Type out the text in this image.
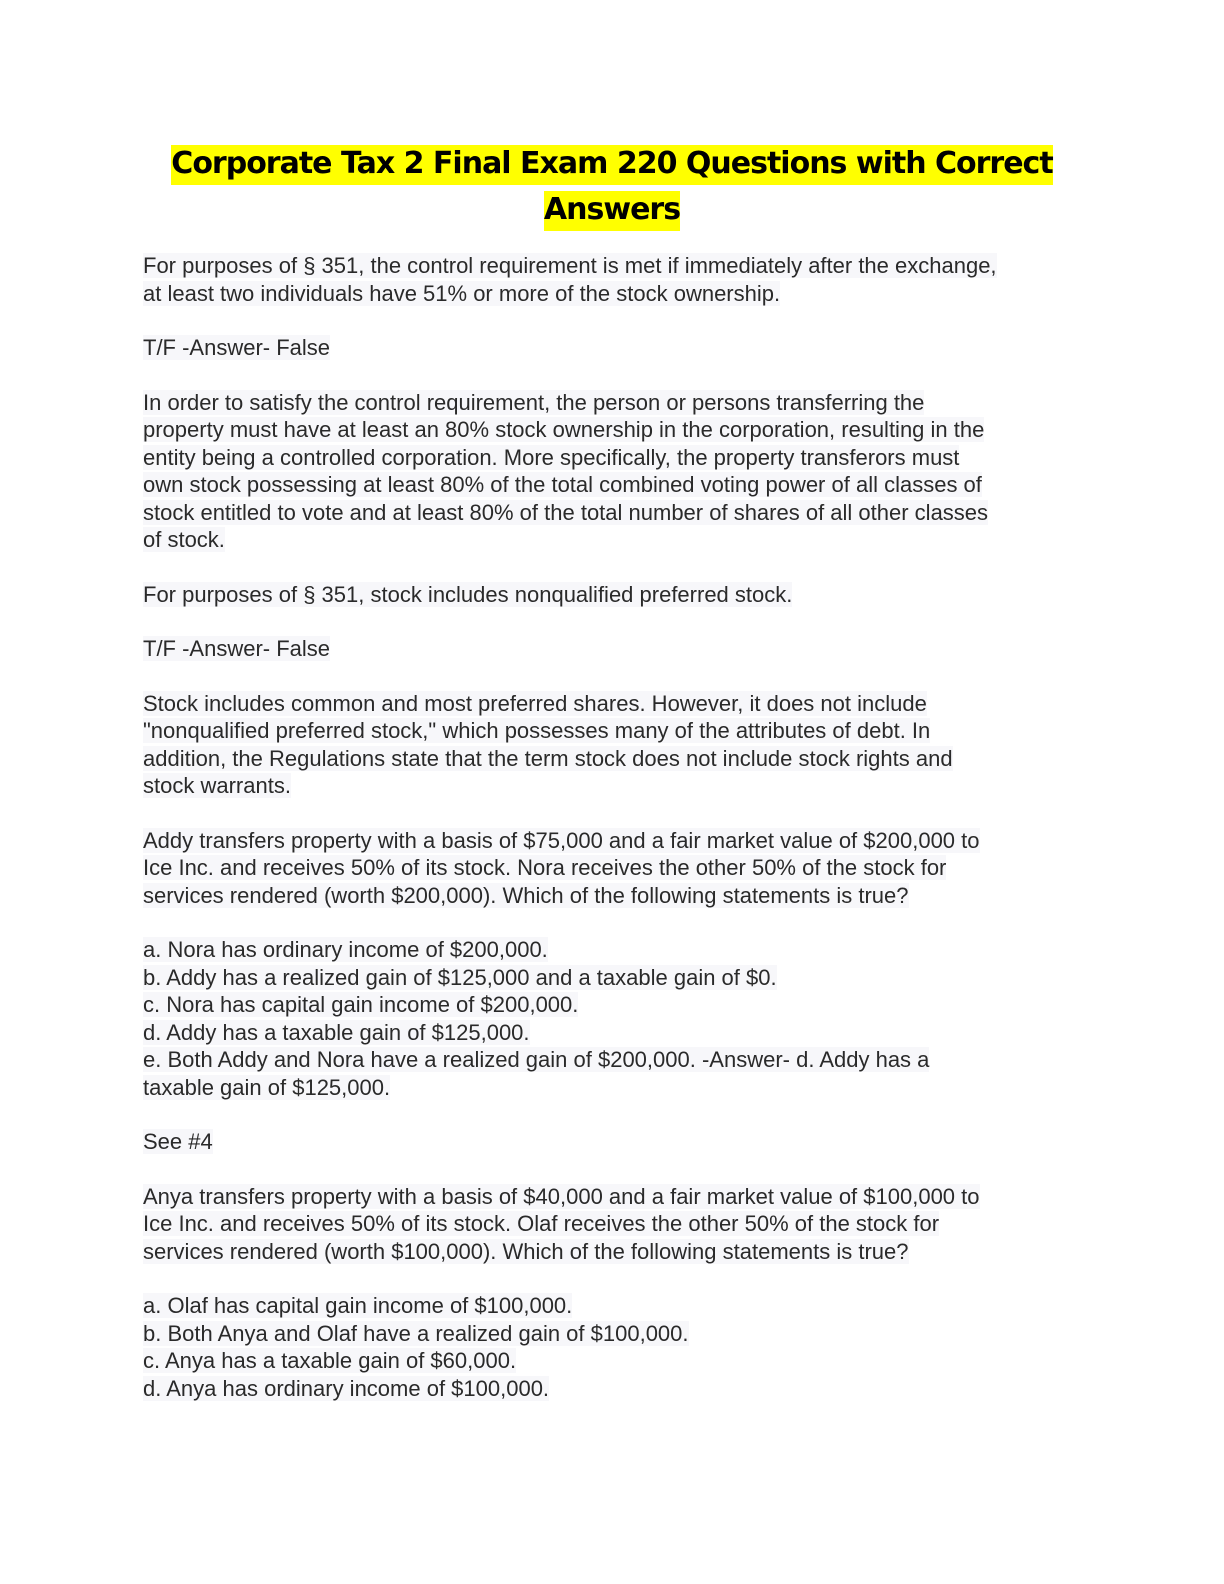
Corporate Tax 2 Final Exam 220 Questions with Correct
Answers
For purposes of § 351, the control requirement is met if immediately after the exchange,
at least two individuals have 51% or more of the stock ownership.
T/F -Answer- False
In order to satisfy the control requirement, the person or persons transferring the
property must have at least an 80% stock ownership in the corporation, resulting in the
entity being a controlled corporation. More specifically, the property transferors must
own stock possessing at least 80% of the total combined voting power of all classes of
stock entitled to vote and at least 80% of the total number of shares of all other classes
of stock.
For purposes of § 351, stock includes nonqualified preferred stock.
T/F -Answer- False
Stock includes common and most preferred shares. However, it does not include
"nonqualified preferred stock," which possesses many of the attributes of debt. In
addition, the Regulations state that the term stock does not include stock rights and
stock warrants.
Addy transfers property with a basis of $75,000 and a fair market value of $200,000 to
Ice Inc. and receives 50% of its stock. Nora receives the other 50% of the stock for
services rendered (worth $200,000). Which of the following statements is true?
a. Nora has ordinary income of $200,000.
b. Addy has a realized gain of $125,000 and a taxable gain of $0.
c. Nora has capital gain income of $200,000.
d. Addy has a taxable gain of $125,000.
e. Both Addy and Nora have a realized gain of $200,000. -Answer- d. Addy has a
taxable gain of $125,000.
See #4
Anya transfers property with a basis of $40,000 and a fair market value of $100,000 to
Ice Inc. and receives 50% of its stock. Olaf receives the other 50% of the stock for
services rendered (worth $100,000). Which of the following statements is true?
a. Olaf has capital gain income of $100,000.
b. Both Anya and Olaf have a realized gain of $100,000.
c. Anya has a taxable gain of $60,000.
d. Anya has ordinary income of $100,000.
